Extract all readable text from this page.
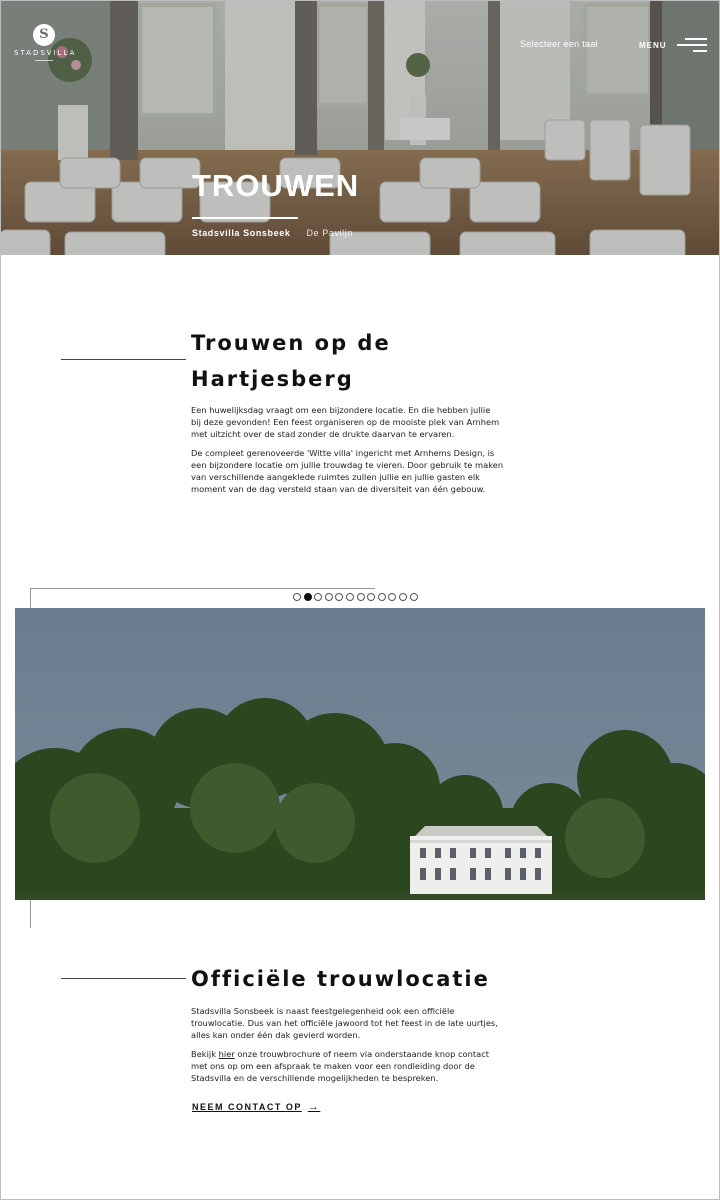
S
STADSVILLA
Selecteer een taal	MENU
TROUWEN
Stadsvilla Sonsbeek De Paviljn
Trouwen op de
Hartjesberg
Een huwelijksdag vraagt om een bijzondere locatie. En die hebben jullie
bij deze gevonden! Een feest organiseren op de mooiste plek van Arnhem
met uitzicht over de stad zonder de drukte daarvan te ervaren.
De compleet gerenoveerde 'Witte villa' ingericht met Arnhems Design, is
een bijzondere locatie om jullie trouwdag te vieren. Door gebruik te maken
van verschillende aangeklede ruimtes zullen jullie en jullie gasten elk
moment van de dag versteld staan van de diversiteit van één gebouw.
Officiële trouwlocatie
Stadsvilla Sonsbeek is naast feestgelegenheid ook een officiële
trouwlocatie. Dus van het officiële jawoord tot het feest in de late uurtjes,
alles kan onder één dak gevierd worden.
Bekijk hier onze trouwbrochure of neem via onderstaande knop contact
met ons op om een afspraak te maken voor een rondleiding door de
Stadsvilla en de verschillende mogelijkheden te bespreken.
NEEM CONTACT OP →
